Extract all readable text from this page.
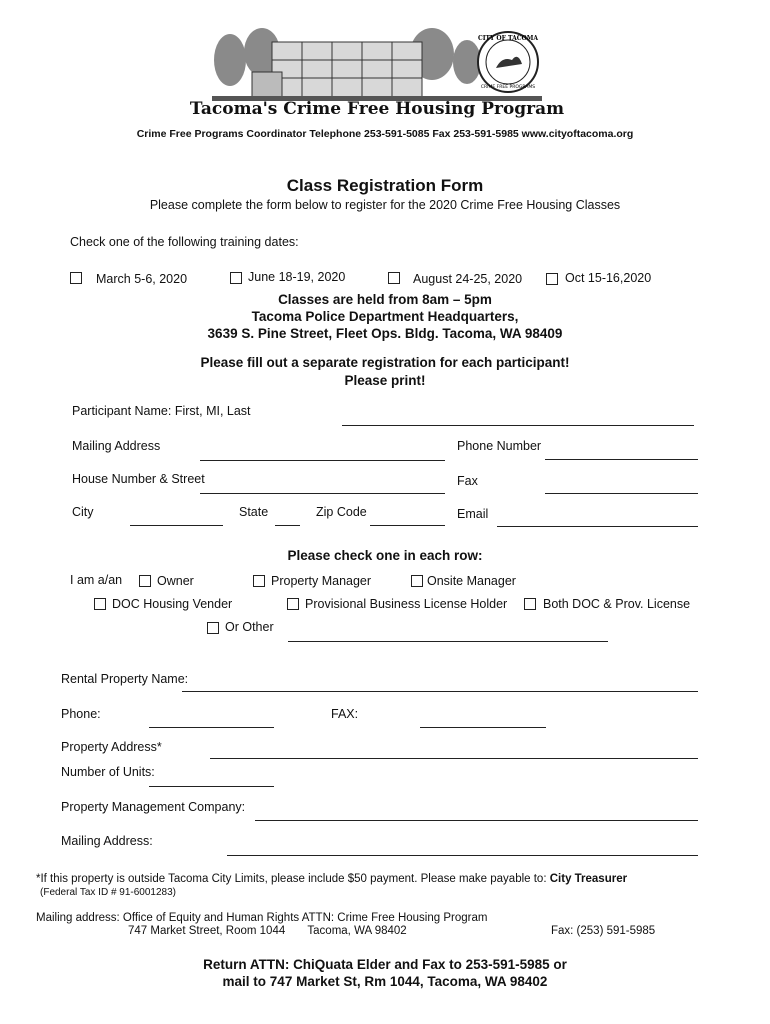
CITY OF TACOMA
CRIME FREE PROGRAMS
Tacoma's Crime Free Housing Program
Crime Free Programs Coordinator Telephone 253-591-5085 Fax 253-591-5985 www.cityoftacoma.org
Class Registration Form
Please complete the form below to register for the 2020 Crime Free Housing Classes
Check one of the following training dates:
March 5-6, 2020	June 18-19, 2020	August 24-25, 2020	Oct 15-16,2020
Classes are held from 8am – 5pm
Tacoma Police Department Headquarters,
3639 S. Pine Street, Fleet Ops. Bldg. Tacoma, WA 98409
Please fill out a separate registration for each participant!
Please print!
Participant Name: First, MI, Last
Mailing Address	Phone Number
House Number & Street	Fax
City	State	Zip Code	Email
Please check one in each row:
I am a/an	Owner	Property Manager	Onsite Manager
DOC Housing Vender	Provisional Business License Holder	Both DOC & Prov. License
Or Other
Rental Property Name:
Phone:	FAX:
Property Address*
Number of Units:
Property Management Company:
Mailing Address:
*If this property is outside Tacoma City Limits, please include $50 payment. Please make payable to: City Treasurer
(Federal Tax ID # 91-6001283)
Mailing address: Office of Equity and Human Rights ATTN: Crime Free Housing Program
747 Market Street, Room 1044       Tacoma, WA 98402	Fax: (253) 591-5985
Return ATTN: ChiQuata Elder and Fax to 253-591-5985 or
mail to 747 Market St, Rm 1044, Tacoma, WA 98402
